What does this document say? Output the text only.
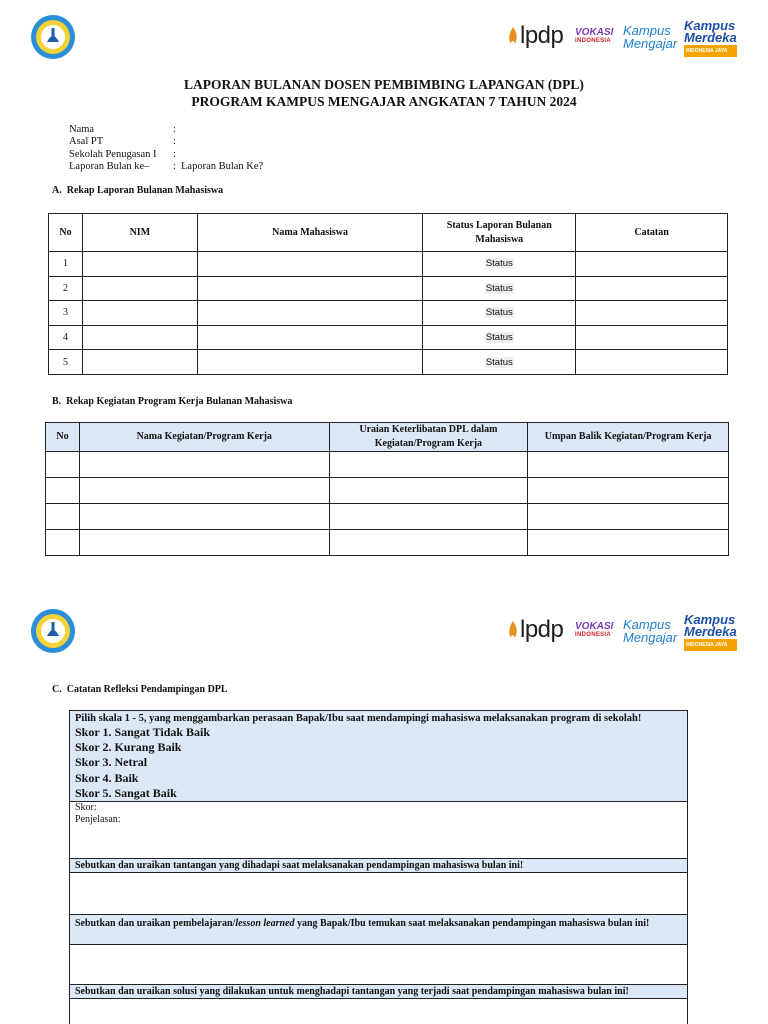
lpdp VOKASI
INDONESIA
Kampus
Mengajar
Kampus
Merdeka
INDONESIA JAYA
LAPORAN BULANAN DOSEN PEMBIMBING LAPANGAN (DPL)
PROGRAM KAMPUS MENGAJAR ANGKATAN 7 TAHUN 2024
Nama	:
Asal PT	:
Sekolah Penugasan I	:
Laporan Bulan ke–	: Laporan Bulan Ke?
A.  Rekap Laporan Bulanan Mahasiswa
No	NIM	Nama Mahasiswa	Status Laporan Bulanan Mahasiswa	Catatan
1			Status	
2			Status	
3			Status	
4			Status	
5			Status	
B.  Rekap Kegiatan Program Kerja Bulanan Mahasiswa
No	Nama Kegiatan/Program Kerja	Uraian Keterlibatan DPL dalam Kegiatan/Program Kerja	Umpan Balik Kegiatan/Program Kerja

lpdp VOKASI
INDONESIA
Kampus
Mengajar
Kampus
Merdeka
INDONESIA JAYA
C.  Catatan Refleksi Pendampingan DPL
Pilih skala 1 - 5, yang menggambarkan perasaan Bapak/Ibu saat mendampingi mahasiswa melaksanakan program di sekolah!
Skor 1. Sangat Tidak Baik
Skor 2. Kurang Baik
Skor 3. Netral
Skor 4. Baik
Skor 5. Sangat Baik

Skor:
Penjelasan:

Sebutkan dan uraikan tantangan yang dihadapi saat melaksanakan pendampingan mahasiswa bulan ini!

Sebutkan dan uraikan pembelajaran/lesson learned yang Bapak/Ibu temukan saat melaksanakan pendampingan mahasiswa bulan ini!

Sebutkan dan uraikan solusi yang dilakukan untuk menghadapi tantangan yang terjadi saat pendampingan mahasiswa bulan ini!
